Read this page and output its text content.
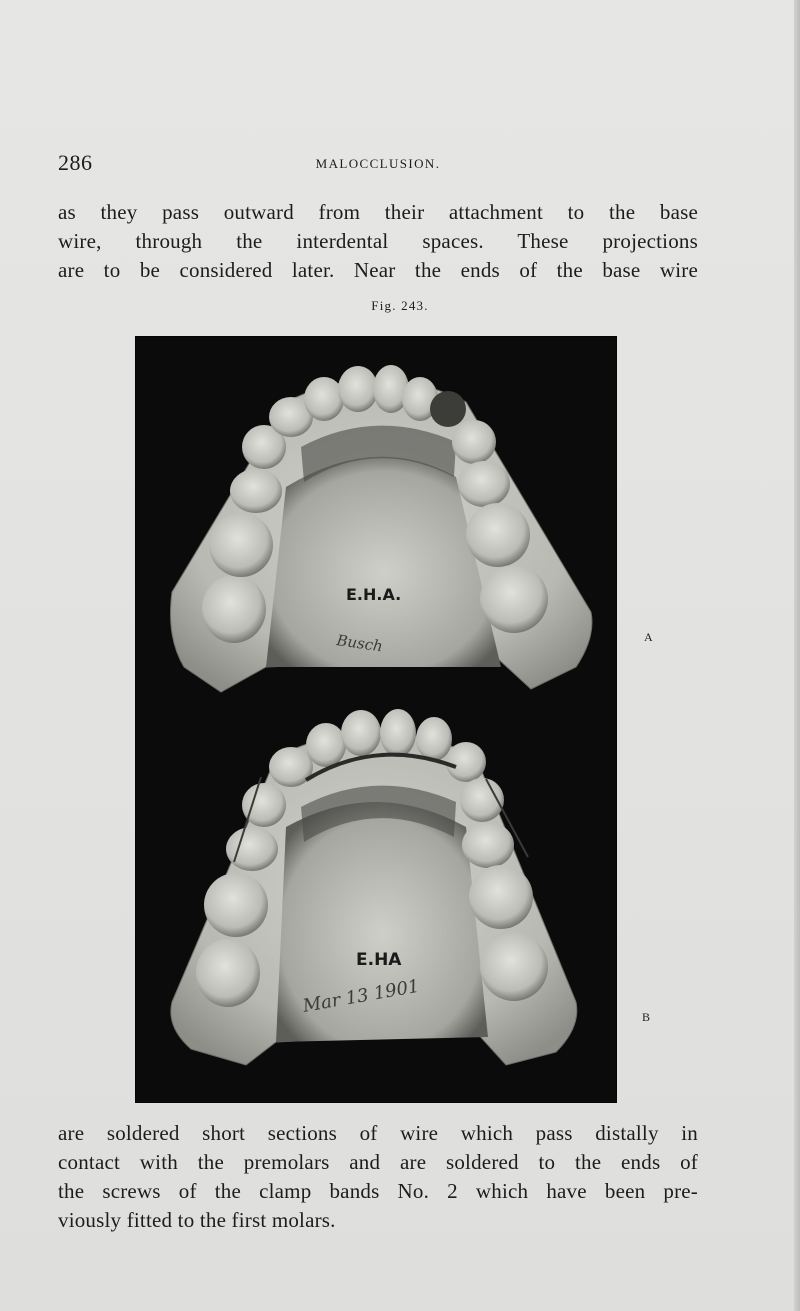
286	MALOCCLUSION.
as they pass outward from their attachment to the base
wire, through the interdental spaces. These projections
are to be considered later. Near the ends of the base wire
Fig. 243.
E.H.A.
Busch
E.HA
Mar 13 1901
A
B
are soldered short sections of wire which pass distally in
contact with the premolars and are soldered to the ends of
the screws of the clamp bands No. 2 which have been pre-
viously fitted to the first molars.
